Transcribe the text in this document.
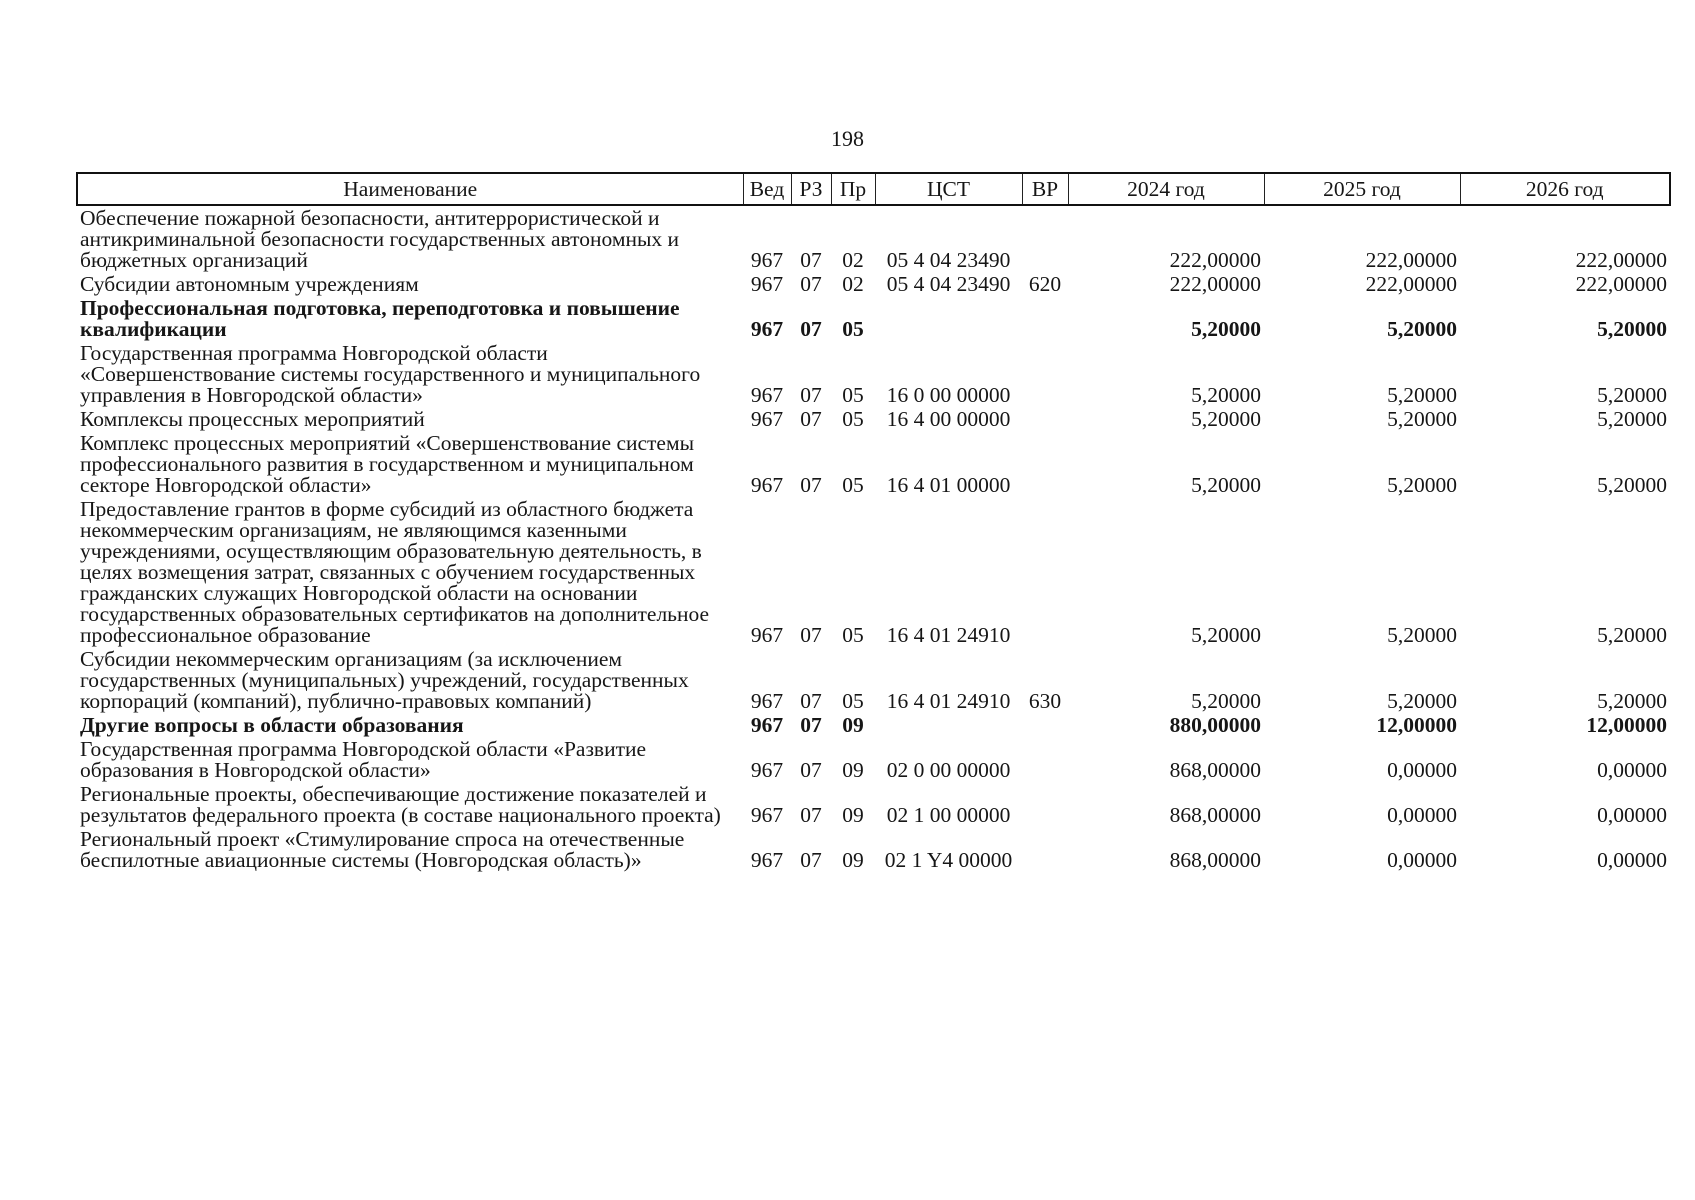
198
Наименование	Вед	РЗ	Пр	ЦСТ	ВР	2024 год	2025 год	2026 год
Обеспечение пожарной безопасности, антитеррористической и антикриминальной безопасности государственных автономных и бюджетных организаций	967	07	02	05 4 04 23490		222,00000	222,00000	222,00000
Субсидии автономным учреждениям	967	07	02	05 4 04 23490	620	222,00000	222,00000	222,00000
Профессиональная подготовка, переподготовка и повышение квалификации	967	07	05			5,20000	5,20000	5,20000
Государственная программа Новгородской области «Совершенствование системы государственного и муниципального управления в Новгородской области»	967	07	05	16 0 00 00000		5,20000	5,20000	5,20000
Комплексы процессных мероприятий	967	07	05	16 4 00 00000		5,20000	5,20000	5,20000
Комплекс процессных мероприятий «Совершенствование системы профессионального развития в государственном и муниципальном секторе Новгородской области»	967	07	05	16 4 01 00000		5,20000	5,20000	5,20000
Предоставление грантов в форме субсидий из областного бюджета некоммерческим организациям, не являющимся казенными учреждениями, осуществляющим образовательную деятельность, в целях возмещения затрат, связанных с обучением государственных гражданских служащих Новгородской области на основании государственных образовательных сертификатов на дополнительное профессиональное образование	967	07	05	16 4 01 24910		5,20000	5,20000	5,20000
Субсидии некоммерческим организациям (за исключением государственных (муниципальных) учреждений, государственных корпораций (компаний), публично-правовых компаний)	967	07	05	16 4 01 24910	630	5,20000	5,20000	5,20000
Другие вопросы в области образования	967	07	09			880,00000	12,00000	12,00000
Государственная программа Новгородской области «Развитие образования в Новгородской области»	967	07	09	02 0 00 00000		868,00000	0,00000	0,00000
Региональные проекты, обеспечивающие достижение показателей и результатов федерального проекта (в составе национального проекта)	967	07	09	02 1 00 00000		868,00000	0,00000	0,00000
Региональный проект «Стимулирование спроса на отечественные беспилотные авиационные системы (Новгородская область)»	967	07	09	02 1 Y4 00000		868,00000	0,00000	0,00000
